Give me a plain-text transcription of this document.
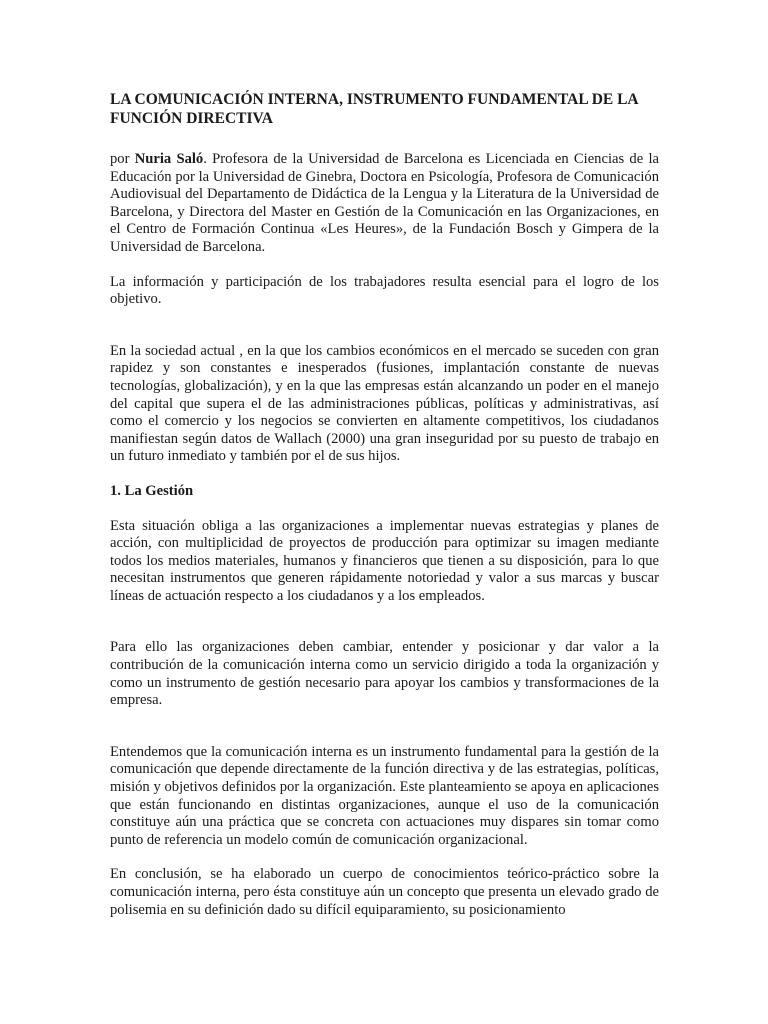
LA COMUNICACIÓN INTERNA, INSTRUMENTO FUNDAMENTAL DE LA FUNCIÓN DIRECTIVA

por Nuria Saló. Profesora de la Universidad de Barcelona es Licenciada en Ciencias de la Educación por la Universidad de Ginebra, Doctora en Psicología, Profesora de Comunicación Audiovisual del Departamento de Didáctica de la Lengua y la Literatura de la Universidad de Barcelona, y Directora del Master en Gestión de la Comunicación en las Organizaciones, en el Centro de Formación Continua «Les Heures», de la Fundación Bosch y Gimpera de la Universidad de Barcelona.

La información y participación de los trabajadores resulta esencial para el logro de los objetivo.

En la sociedad actual , en la que los cambios económicos en el mercado se suceden con gran rapidez y son constantes e inesperados (fusiones, implantación constante de nuevas tecnologías, globalización), y en la que las empresas están alcanzando un poder en el manejo del capital que supera el de las administraciones públicas, políticas y administrativas, así como el comercio y los negocios se convierten en altamente competitivos, los ciudadanos manifiestan según datos de Wallach (2000) una gran inseguridad por su puesto de trabajo en un futuro inmediato y también por el de sus hijos.

1. La Gestión

Esta situación obliga a las organizaciones a implementar nuevas estrategias y planes de acción, con multiplicidad de proyectos de producción para optimizar su imagen mediante todos los medios materiales, humanos y financieros que tienen a su disposición, para lo que necesitan instrumentos que generen rápidamente notoriedad y valor a sus marcas y buscar líneas de actuación respecto a los ciudadanos y a los empleados.

Para ello las organizaciones deben cambiar, entender y posicionar y dar valor a la contribución de la comunicación interna como un servicio dirigido a toda la organización y como un instrumento de gestión necesario para apoyar los cambios y transformaciones de la empresa.

Entendemos que la comunicación interna es un instrumento fundamental para la gestión de la comunicación que depende directamente de la función directiva y de las estrategias, políticas, misión y objetivos definidos por la organización. Este planteamiento se apoya en aplicaciones que están funcionando en distintas organizaciones, aunque el uso de la comunicación constituye aún una práctica que se concreta con actuaciones muy dispares sin tomar como punto de referencia un modelo común de comunicación organizacional.

En conclusión, se ha elaborado un cuerpo de conocimientos teórico-práctico sobre la comunicación interna, pero ésta constituye aún un concepto que presenta un elevado grado de polisemia en su definición dado su difícil equiparamiento, su posicionamiento
